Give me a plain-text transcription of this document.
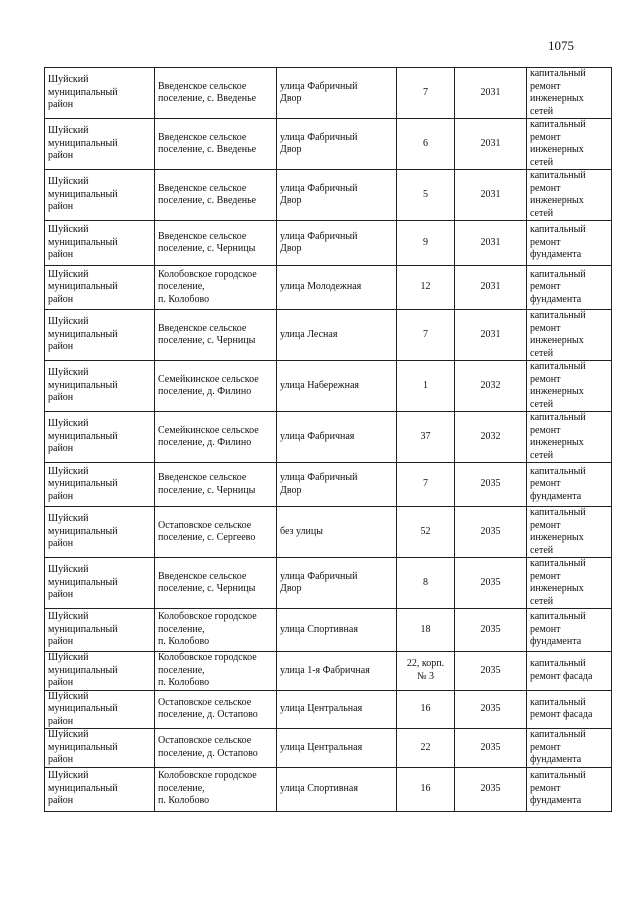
1075
Шуйский
муниципальный
район	Введенское сельское
поселение, с. Введенье	улица Фабричный
Двор	7	2031	капитальный
ремонт
инженерных
сетей

Шуйский
муниципальный
район	Введенское сельское
поселение, с. Введенье	улица Фабричный
Двор	6	2031	капитальный
ремонт
инженерных
сетей

Шуйский
муниципальный
район	Введенское сельское
поселение, с. Введенье	улица Фабричный
Двор	5	2031	капитальный
ремонт
инженерных
сетей

Шуйский
муниципальный
район	Введенское сельское
поселение, с. Черницы	улица Фабричный
Двор	9	2031	капитальный
ремонт
фундамента

Шуйский
муниципальный
район	Колобовское городское
поселение,
п. Колобово	улица Молодежная	12	2031	капитальный
ремонт
фундамента

Шуйский
муниципальный
район	Введенское сельское
поселение, с. Черницы	улица Лесная	7	2031	капитальный
ремонт
инженерных
сетей

Шуйский
муниципальный
район	Семейкинское сельское
поселение, д. Филино	улица Набережная	1	2032	капитальный
ремонт
инженерных
сетей

Шуйский
муниципальный
район	Семейкинское сельское
поселение, д. Филино	улица Фабричная	37	2032	капитальный
ремонт
инженерных
сетей

Шуйский
муниципальный
район	Введенское сельское
поселение, с. Черницы	улица Фабричный
Двор	7	2035	капитальный
ремонт
фундамента

Шуйский
муниципальный
район	Остаповское сельское
поселение, с. Сергеево	без улицы	52	2035	капитальный
ремонт
инженерных
сетей

Шуйский
муниципальный
район	Введенское сельское
поселение, с. Черницы	улица Фабричный
Двор	8	2035	капитальный
ремонт
инженерных
сетей

Шуйский
муниципальный
район	Колобовское городское
поселение,
п. Колобово	улица Спортивная	18	2035	капитальный
ремонт
фундамента

Шуйский
муниципальный
район	Колобовское городское
поселение,
п. Колобово	улица 1-я Фабричная	22, корп.
№ 3	2035	капитальный
ремонт фасада

Шуйский
муниципальный
район	Остаповское сельское
поселение, д. Остапово	улица Центральная	16	2035	капитальный
ремонт фасада

Шуйский
муниципальный
район	Остаповское сельское
поселение, д. Остапово	улица Центральная	22	2035	капитальный
ремонт
фундамента

Шуйский
муниципальный
район	Колобовское городское
поселение,
п. Колобово	улица Спортивная	16	2035	капитальный
ремонт
фундамента
